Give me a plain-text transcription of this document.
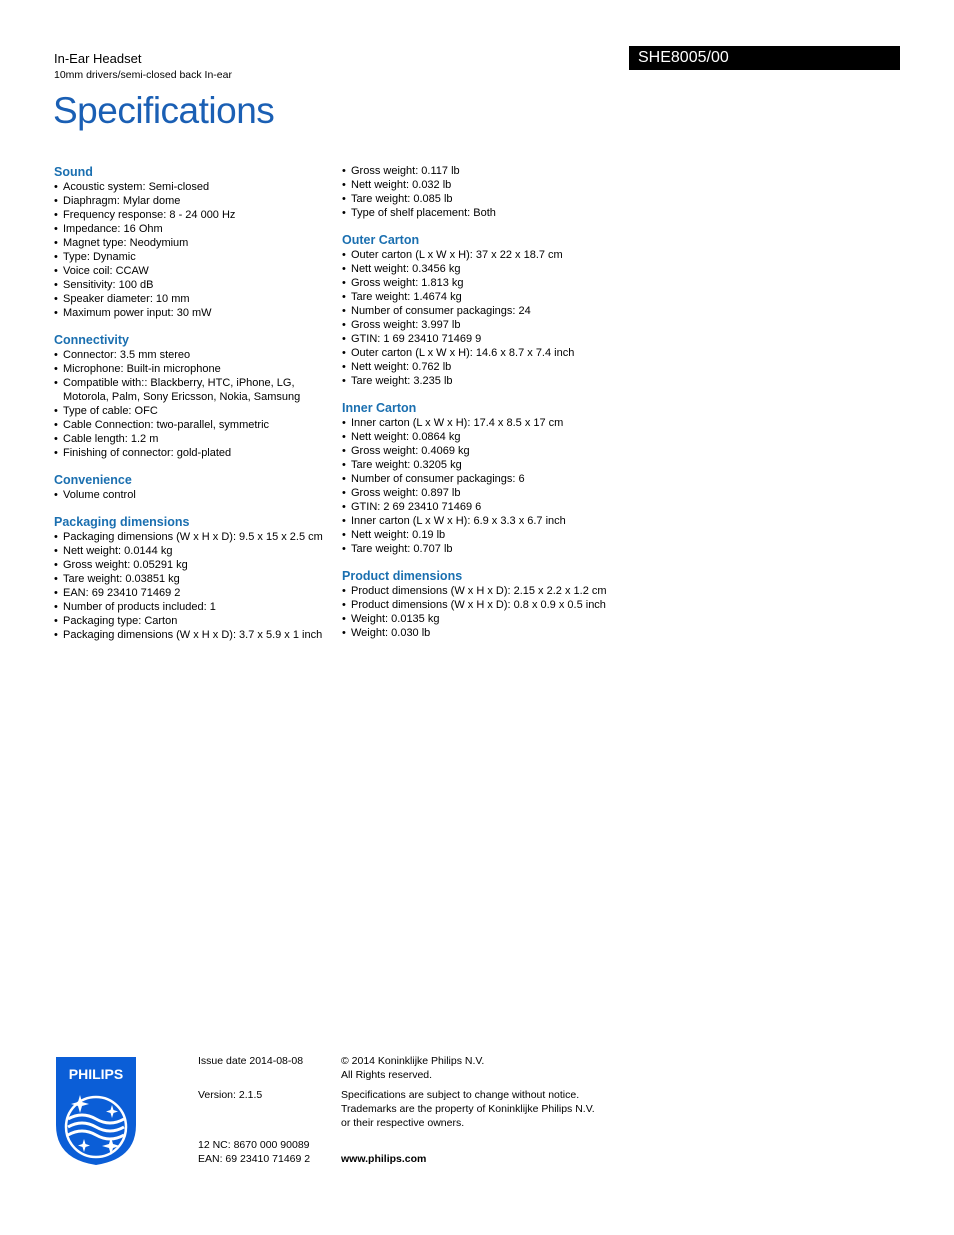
In-Ear Headset
10mm drivers/semi-closed back In-ear
SHE8005/00
Specifications
Sound
• Acoustic system: Semi-closed
• Diaphragm: Mylar dome
• Frequency response: 8 - 24 000 Hz
• Impedance: 16 Ohm
• Magnet type: Neodymium
• Type: Dynamic
• Voice coil: CCAW
• Sensitivity: 100 dB
• Speaker diameter: 10 mm
• Maximum power input: 30 mW
Connectivity
• Connector: 3.5 mm stereo
• Microphone: Built-in microphone
• Compatible with:: Blackberry, HTC, iPhone, LG, Motorola, Palm, Sony Ericsson, Nokia, Samsung
• Type of cable: OFC
• Cable Connection: two-parallel, symmetric
• Cable length: 1.2 m
• Finishing of connector: gold-plated
Convenience
• Volume control
Packaging dimensions
• Packaging dimensions (W x H x D): 9.5 x 15 x 2.5 cm
• Nett weight: 0.0144 kg
• Gross weight: 0.05291 kg
• Tare weight: 0.03851 kg
• EAN: 69 23410 71469 2
• Number of products included: 1
• Packaging type: Carton
• Packaging dimensions (W x H x D): 3.7 x 5.9 x 1 inch
• Gross weight: 0.117 lb
• Nett weight: 0.032 lb
• Tare weight: 0.085 lb
• Type of shelf placement: Both
Outer Carton
• Outer carton (L x W x H): 37 x 22 x 18.7 cm
• Nett weight: 0.3456 kg
• Gross weight: 1.813 kg
• Tare weight: 1.4674 kg
• Number of consumer packagings: 24
• Gross weight: 3.997 lb
• GTIN: 1 69 23410 71469 9
• Outer carton (L x W x H): 14.6 x 8.7 x 7.4 inch
• Nett weight: 0.762 lb
• Tare weight: 3.235 lb
Inner Carton
• Inner carton (L x W x H): 17.4 x 8.5 x 17 cm
• Nett weight: 0.0864 kg
• Gross weight: 0.4069 kg
• Tare weight: 0.3205 kg
• Number of consumer packagings: 6
• Gross weight: 0.897 lb
• GTIN: 2 69 23410 71469 6
• Inner carton (L x W x H): 6.9 x 3.3 x 6.7 inch
• Nett weight: 0.19 lb
• Tare weight: 0.707 lb
Product dimensions
• Product dimensions (W x H x D): 2.15 x 2.2 x 1.2 cm
• Product dimensions (W x H x D): 0.8 x 0.9 x 0.5 inch
• Weight: 0.0135 kg
• Weight: 0.030 lb
PHILIPS
Issue date 2014-08-08
Version: 2.1.5
12 NC: 8670 000 90089
EAN: 69 23410 71469 2
© 2014 Koninklijke Philips N.V.
All Rights reserved.
Specifications are subject to change without notice.
Trademarks are the property of Koninklijke Philips N.V.
or their respective owners.
www.philips.com
